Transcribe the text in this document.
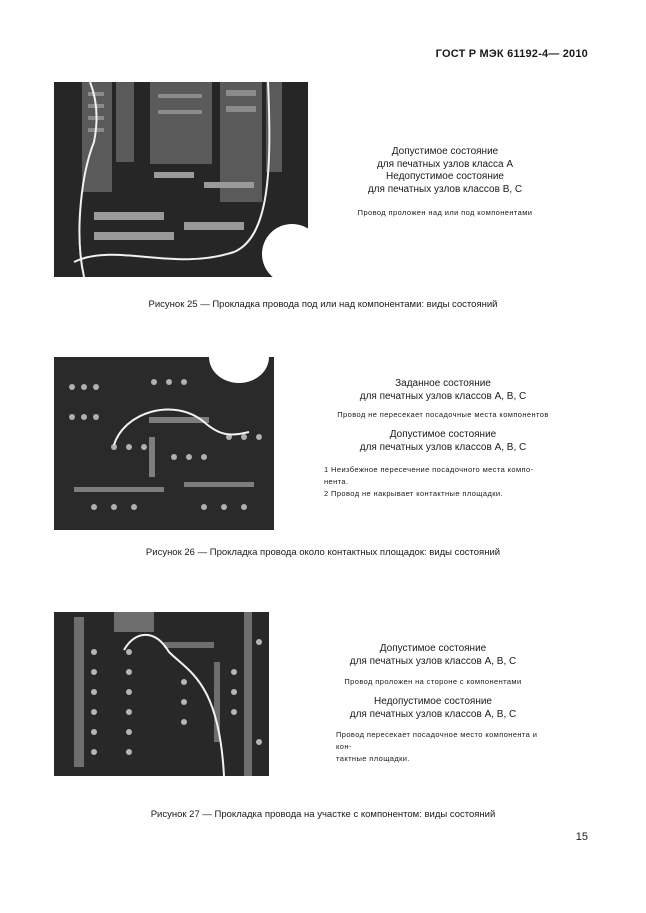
ГОСТ Р МЭК 61192-4— 2010

Допустимое состояние

для печатных узлов класса А

Недопустимое состояние

для печатных узлов классов В, С

Провод проложен над или под компонентами

Рисунок 25 — Прокладка провода под или над компонентами: виды состояний

Заданное состояние

для печатных узлов классов А, В, С

Провод не пересекает посадочные места компонентов

Допустимое состояние

для печатных узлов классов А, В, С

1 Неизбежное пересечение посадочного места компо-

нента.

2 Провод не накрывает контактные площадки.

Рисунок 26 — Прокладка провода около контактных площадок: виды состояний

Допустимое состояние

для печатных узлов классов А, В, С

Провод проложен на стороне с компонентами

Недопустимое состояние

для печатных узлов классов А, В, С

Провод пересекает посадочное место компонента и кон-

тактные площадки.

Рисунок 27 — Прокладка провода на участке с компонентом: виды состояний
15
